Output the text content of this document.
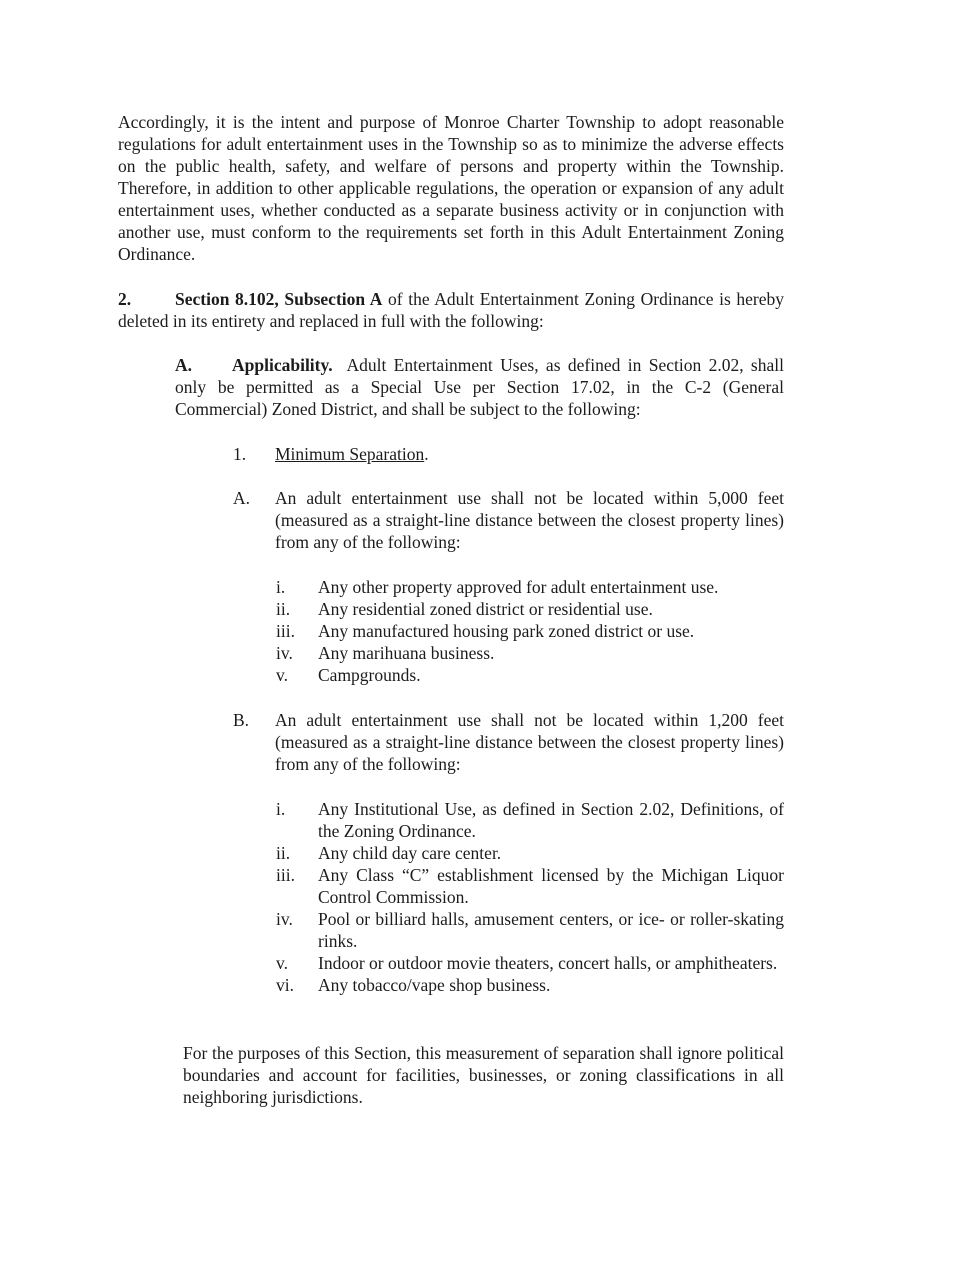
Accordingly, it is the intent and purpose of Monroe Charter Township to adopt reasonable regulations for adult entertainment uses in the Township so as to minimize the adverse effects on the public health, safety, and welfare of persons and property within the Township. Therefore, in addition to other applicable regulations, the operation or expansion of any adult entertainment uses, whether conducted as a separate business activity or in conjunction with another use, must conform to the requirements set forth in this Adult Entertainment Zoning Ordinance.

2.	Section 8.102, Subsection A of the Adult Entertainment Zoning Ordinance is hereby deleted in its entirety and replaced in full with the following:

A. Applicability. Adult Entertainment Uses, as defined in Section 2.02, shall only be permitted as a Special Use per Section 17.02, in the C-2 (General Commercial) Zoned District, and shall be subject to the following:

1. Minimum Separation.
A. An adult entertainment use shall not be located within 5,000 feet (measured as a straight-line distance between the closest property lines) from any of the following:
i. Any other property approved for adult entertainment use.
ii. Any residential zoned district or residential use.
iii. Any manufactured housing park zoned district or use.
iv. Any marihuana business.
v. Campgrounds.
B. An adult entertainment use shall not be located within 1,200 feet (measured as a straight-line distance between the closest property lines) from any of the following:
i. Any Institutional Use, as defined in Section 2.02, Definitions, of the Zoning Ordinance.
ii. Any child day care center.
iii. Any Class “C” establishment licensed by the Michigan Liquor Control Commission.
iv. Pool or billiard halls, amusement centers, or ice- or roller-skating rinks.
v. Indoor or outdoor movie theaters, concert halls, or amphitheaters.
vi. Any tobacco/vape shop business.

For the purposes of this Section, this measurement of separation shall ignore political boundaries and account for facilities, businesses, or zoning classifications in all neighboring jurisdictions.
